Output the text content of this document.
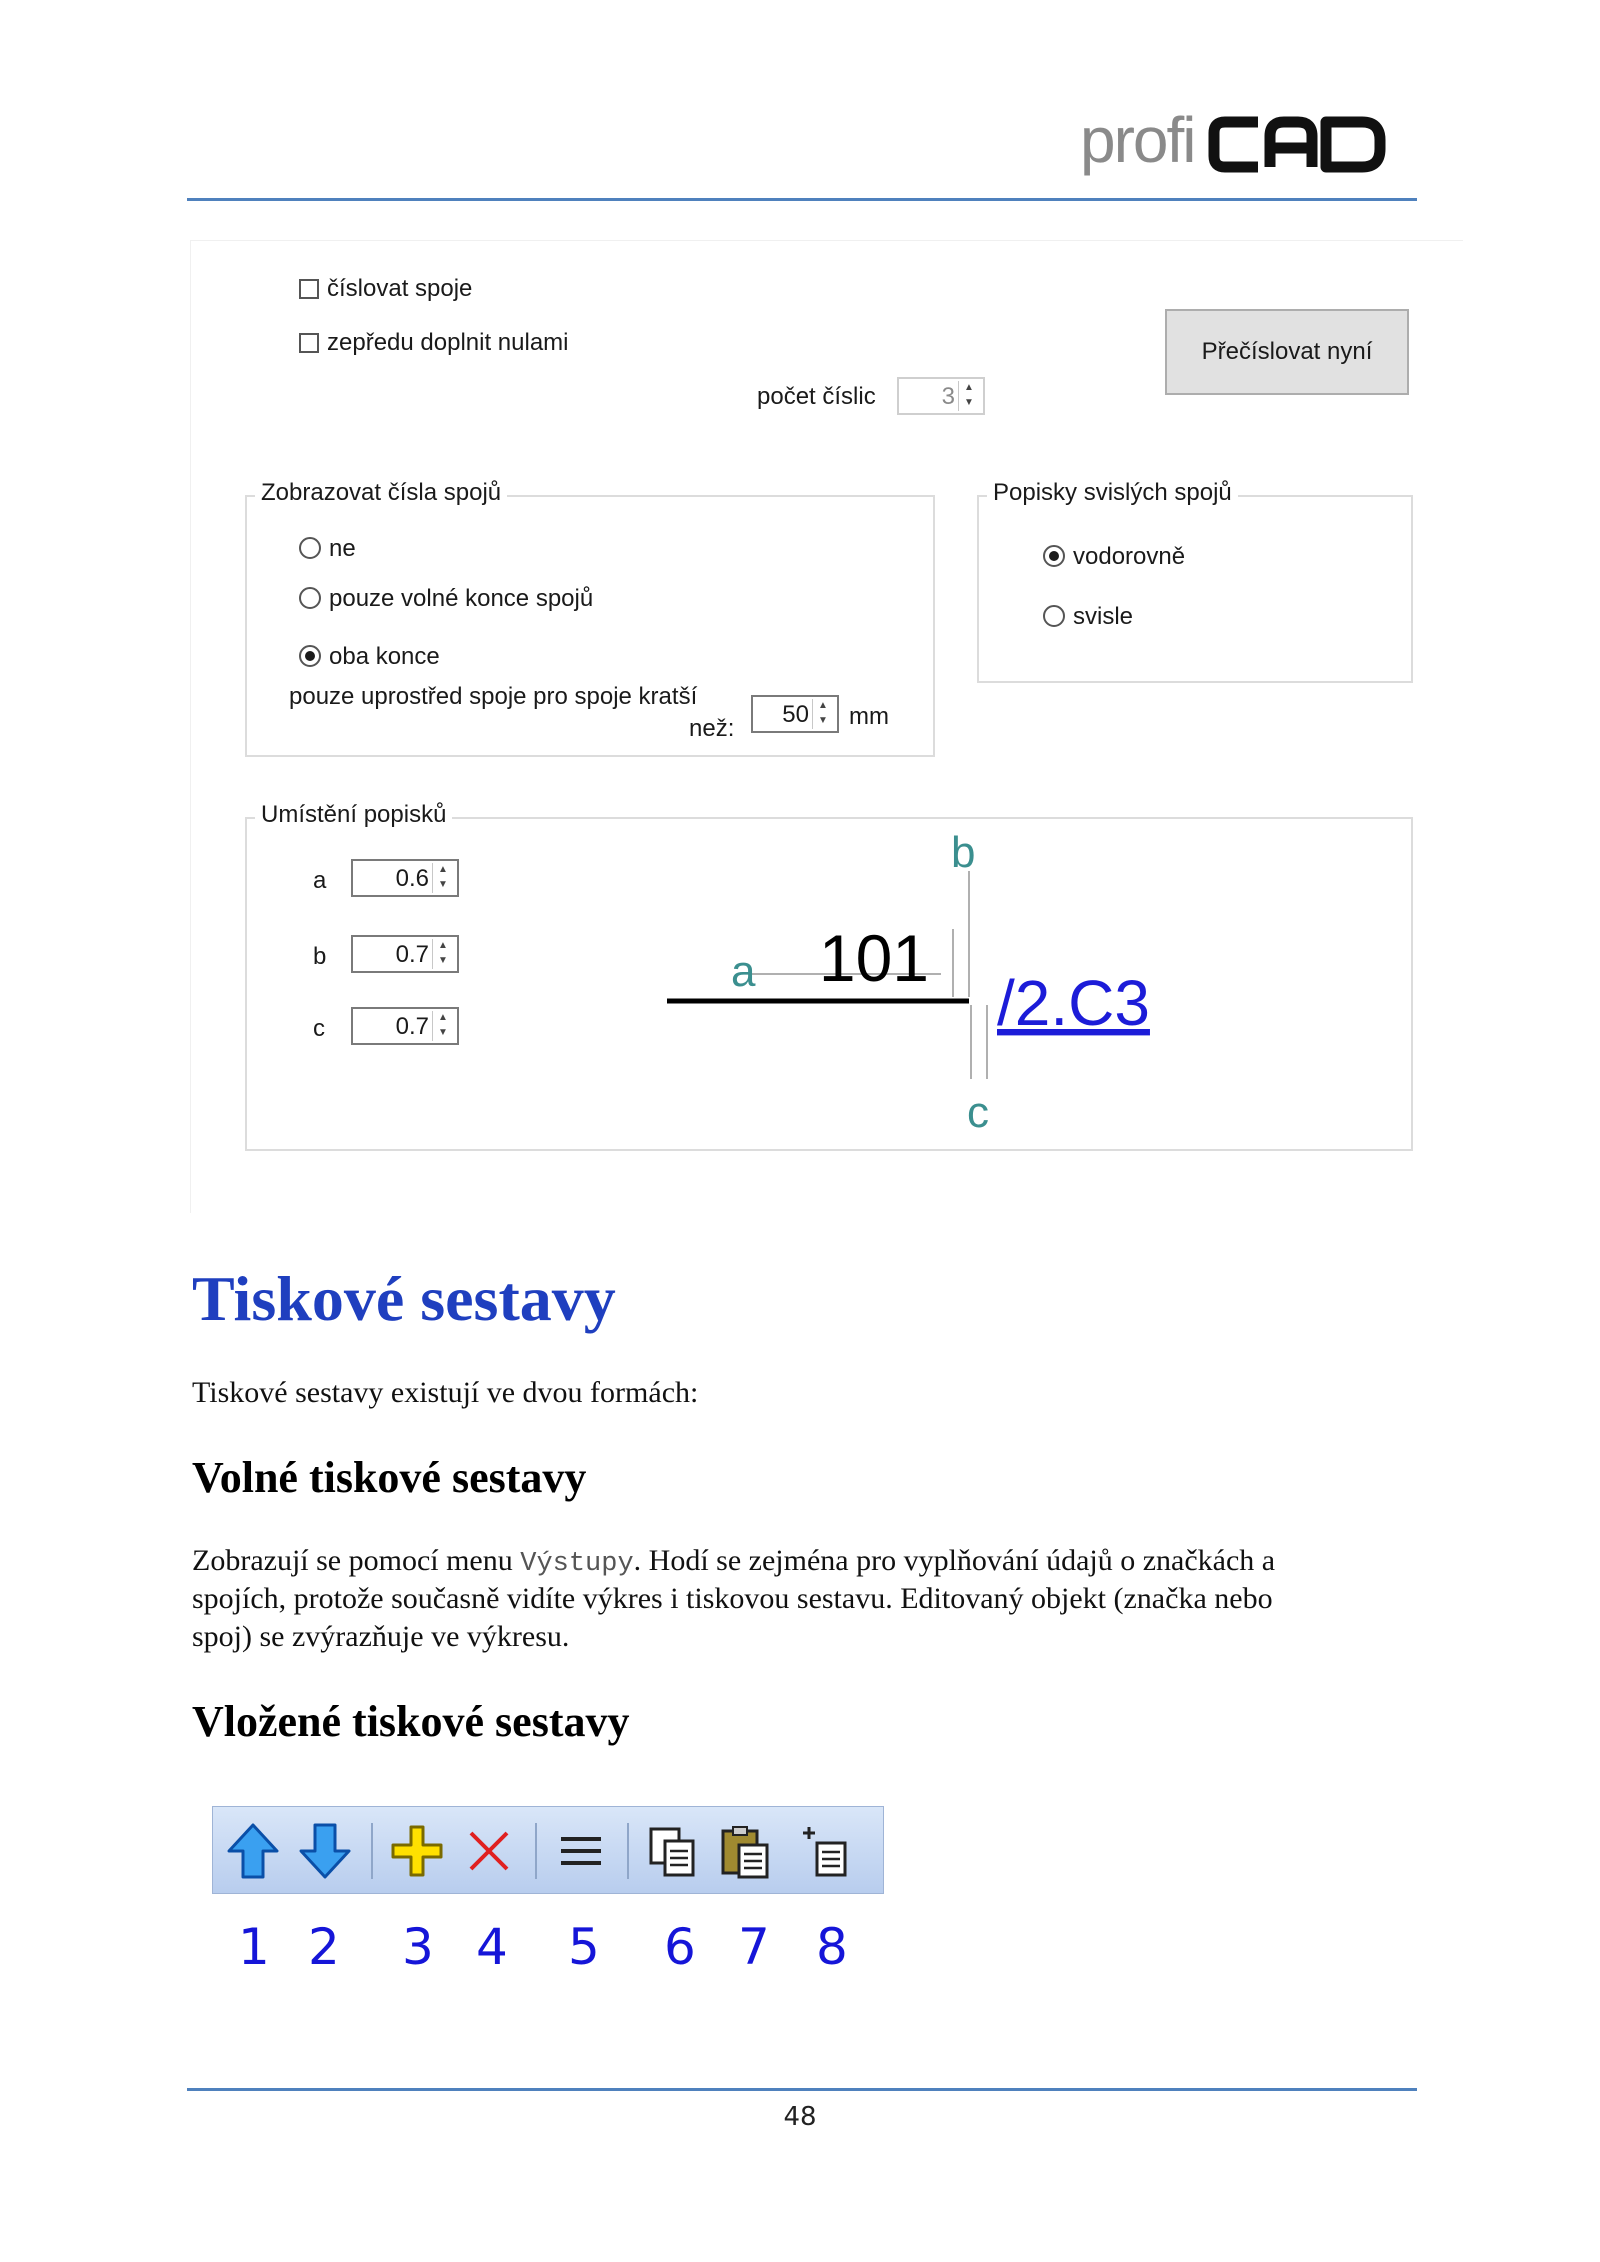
profi
číslovat spoje
zepředu doplnit nulami
počet číslic	3 ▲
▼
Přečíslovat nyní
Zobrazovat čísla spojů
ne
pouze volné konce spojů
oba konce
pouze uprostřed spoje pro spoje kratší
než:
50 ▲
▼ mm
Popisky svislých spojů
vodorovně
svisle
Umístění popisků
a	0.6 ▲
▼
b	0.7 ▲
▼
c	0.7 ▲
▼
101
a
b
c
/2.C3
Tiskové sestavy
Tiskové sestavy existují ve dvou formách:
Volné tiskové sestavy
Zobrazují se pomocí menu Výstupy. Hodí se zejména pro vyplňování údajů o značkách a
spojích, protože současně vidíte výkres i tiskovou sestavu. Editovaný objekt (značka nebo
spoj) se zvýrazňuje ve výkresu.
Vložené tiskové sestavy
1 2 3 4 5 6 7 8
48
